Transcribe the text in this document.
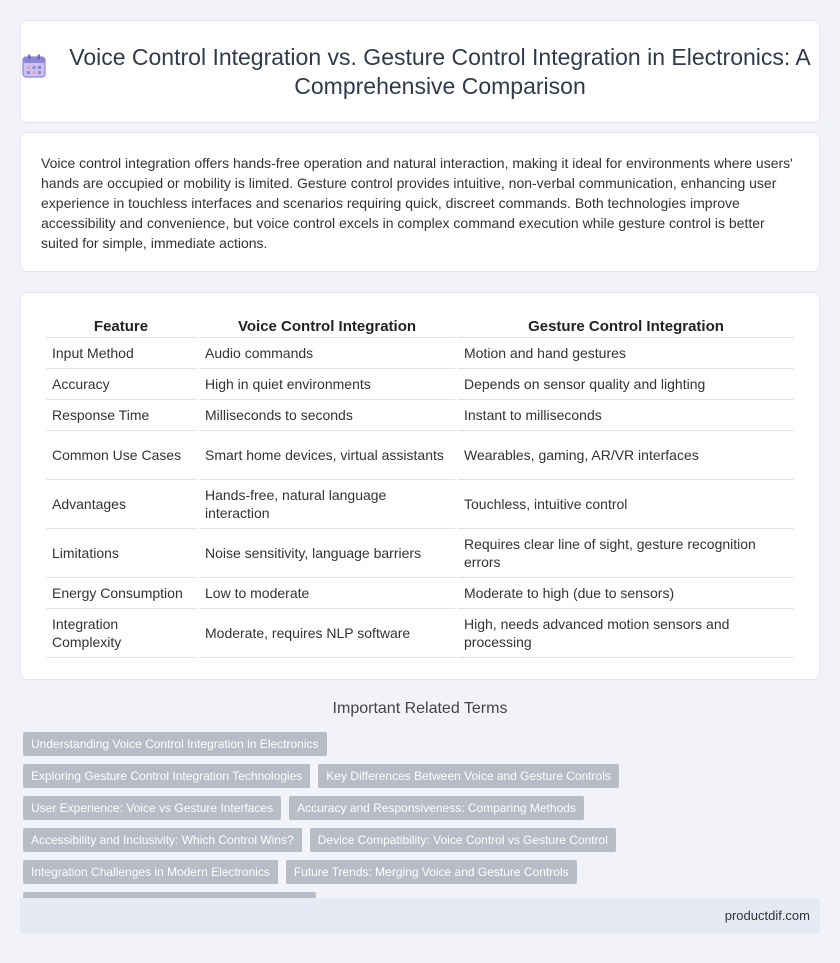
Voice Control Integration vs. Gesture Control Integration in Electronics: A Comprehensive Comparison

Voice control integration offers hands-free operation and natural interaction, making it ideal for environments where users' hands are occupied or mobility is limited. Gesture control provides intuitive, non-verbal communication, enhancing user experience in touchless interfaces and scenarios requiring quick, discreet commands. Both technologies improve accessibility and convenience, but voice control excels in complex command execution while gesture control is better suited for simple, immediate actions.

Feature	Voice Control Integration	Gesture Control Integration
Input Method	Audio commands	Motion and hand gestures
Accuracy	High in quiet environments	Depends on sensor quality and lighting
Response Time	Milliseconds to seconds	Instant to milliseconds
Common Use Cases	Smart home devices, virtual assistants	Wearables, gaming, AR/VR interfaces
Advantages	Hands-free, natural language interaction	Touchless, intuitive control
Limitations	Noise sensitivity, language barriers	Requires clear line of sight, gesture recognition errors
Energy Consumption	Low to moderate	Moderate to high (due to sensors)
Integration Complexity	Moderate, requires NLP software	High, needs advanced motion sensors and processing
Important Related Terms
Understanding Voice Control Integration in Electronics
Exploring Gesture Control Integration Technologies	Key Differences Between Voice and Gesture Controls
User Experience: Voice vs Gesture Interfaces	Accuracy and Responsiveness: Comparing Methods
Accessibility and Inclusivity: Which Control Wins?	Device Compatibility: Voice Control vs Gesture Control
Integration Challenges in Modern Electronics	Future Trends: Merging Voice and Gesture Controls
productdif.com
